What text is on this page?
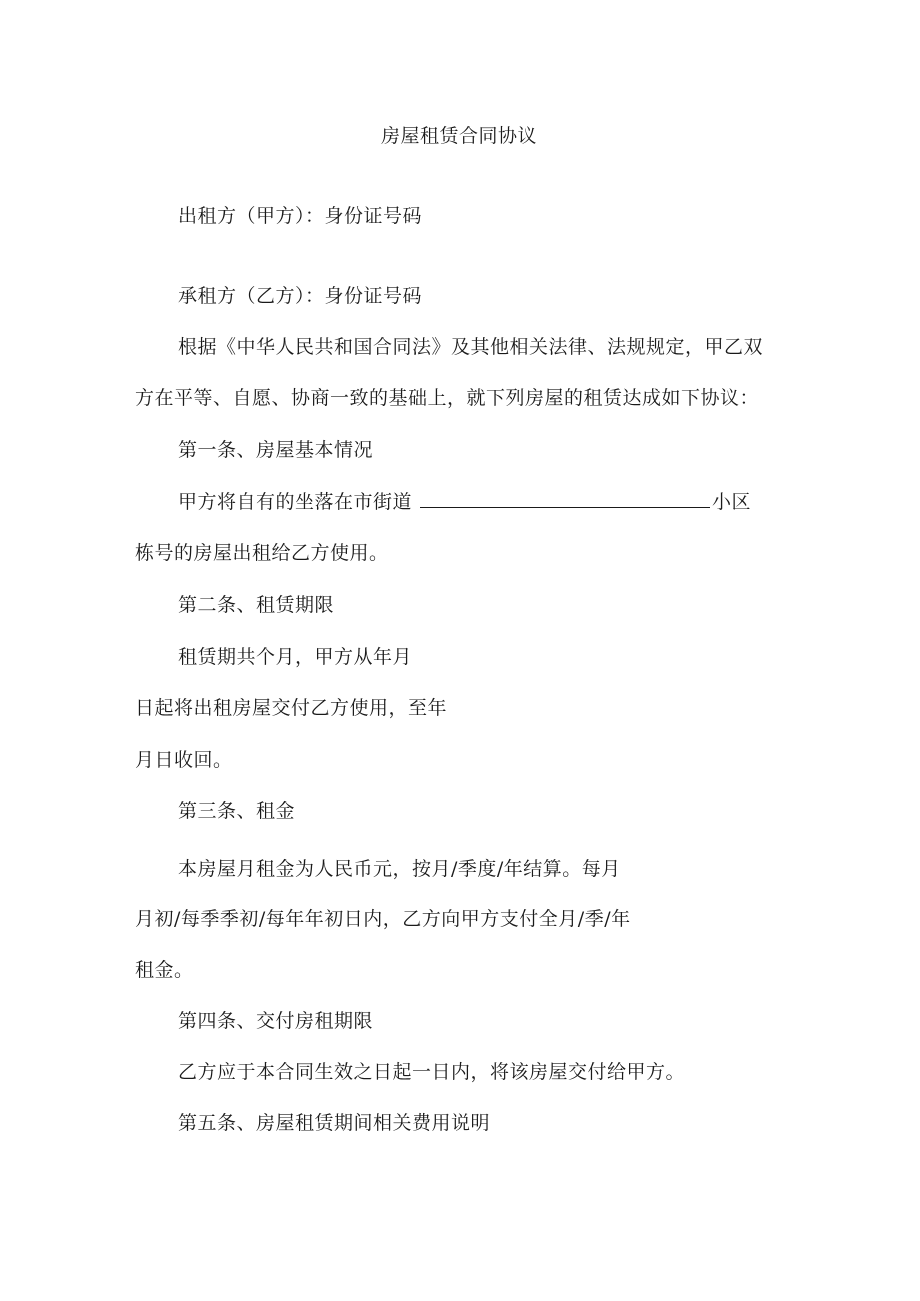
房屋租赁合同协议
出租方（甲方）：身份证号码
承租方（乙方）：身份证号码
根据《中华人民共和国合同法》及其他相关法律、法规规定，甲乙双
方在平等、自愿、协商一致的基础上，就下列房屋的租赁达成如下协议：
第一条、房屋基本情况
甲方将自有的坐落在市街道	小区
栋号的房屋出租给乙方使用。
第二条、租赁期限
租赁期共个月，甲方从年月
日起将出租房屋交付乙方使用，至年
月日收回。
第三条、租金
本房屋月租金为人民币元，按月/季度/年结算。每月
月初/每季季初/每年年初日内，乙方向甲方支付全月/季/年
租金。
第四条、交付房租期限
乙方应于本合同生效之日起一日内，将该房屋交付给甲方。
第五条、房屋租赁期间相关费用说明
